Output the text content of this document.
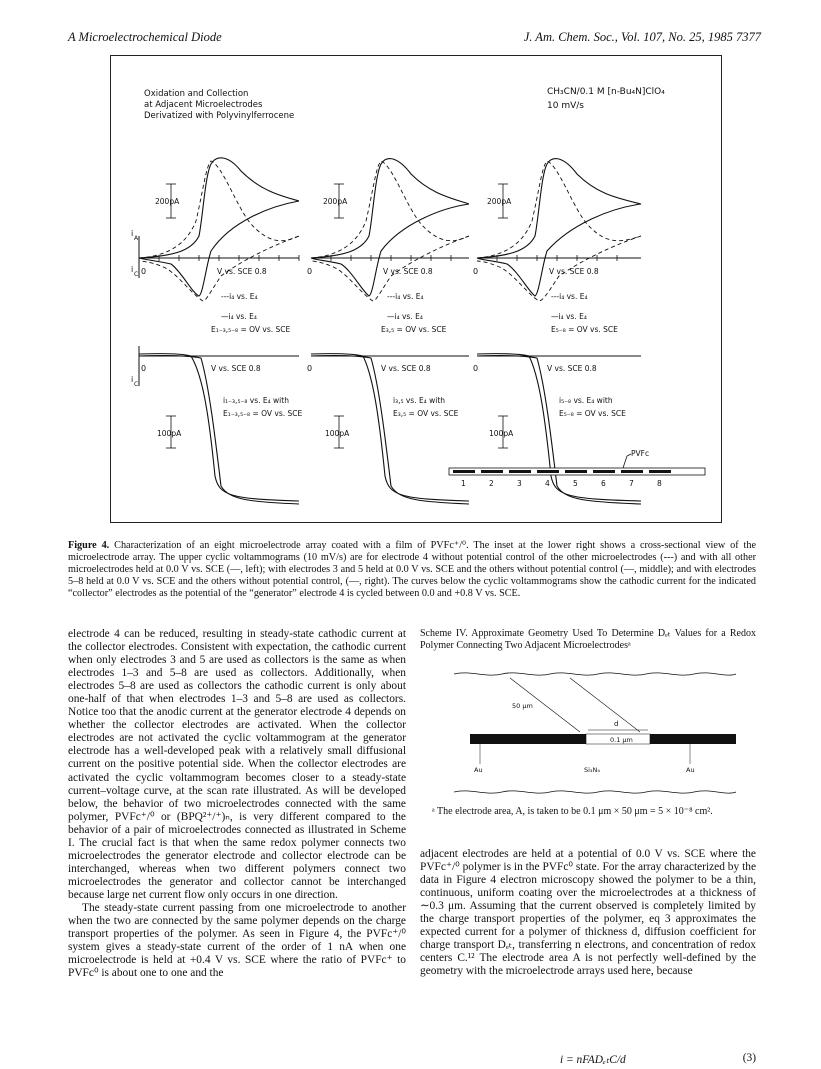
A Microelectrochemical Diode	J. Am. Chem. Soc., Vol. 107, No. 25, 1985 7377
Oxidation and Collection
at Adjacent Microelectrodes
Derivatized with Polyvinylferrocene
CH₃CN/0.1 M [n-Bu₄N]ClO₄
10 mV/s
i
A
i
C
i
C
200pA
0	V vs. SCE 0.8
---i₄ vs. E₄
—i₄ vs. E₄
E₁₋₃,₅₋₈ = OV vs. SCE
0	V vs. SCE 0.8
i₁₋₃,₅₋₈ vs. E₄ with
E₁₋₃,₅₋₈ = OV vs. SCE
100pA
200pA
0	V vs. SCE 0.8
---i₄ vs. E₄
—i₄ vs. E₄
E₃,₅ = OV vs. SCE
0	V vs. SCE 0.8
i₃,₅ vs. E₄ with
E₃,₅ = OV vs. SCE
100pA
200pA
0	V vs. SCE 0.8
---i₄ vs. E₄
—i₄ vs. E₄
E₅₋₈ = OV vs. SCE
0	V vs. SCE 0.8
i₅₋₈ vs. E₄ with
E₅₋₈ = OV vs. SCE
100pA
PVFc
1	2	3	4	5	6	7	8
Figure 4. Characterization of an eight microelectrode array coated with a film of PVFc⁺/⁰. The inset at the lower right shows a cross-sectional view of the microelectrode array. The upper cyclic voltammograms (10 mV/s) are for electrode 4 without potential control of the other microelectrodes (---) and with all other microelectrodes held at 0.0 V vs. SCE (—, left); with electrodes 3 and 5 held at 0.0 V vs. SCE and the others without potential control (—, middle); and with electrodes 5–8 held at 0.0 V vs. SCE and the others without potential control, (—, right). The curves below the cyclic voltammograms show the cathodic current for the indicated “collector” electrodes as the potential of the “generator” electrode 4 is cycled between 0.0 and +0.8 V vs. SCE.

electrode 4 can be reduced, resulting in steady-state cathodic current at the collector electrodes. Consistent with expectation, the cathodic current when only electrodes 3 and 5 are used as collectors is the same as when electrodes 1–3 and 5–8 are used as collectors. Additionally, when electrodes 5–8 are used as collectors the cathodic current is only about one-half of that when electrodes 1–3 and 5–8 are used as collectors. Notice too that the anodic current at the generator electrode 4 depends on whether the collector electrodes are activated. When the collector electrodes are not activated the cyclic voltammogram at the generator electrode has a well-developed peak with a relatively small diffusional current on the positive potential side. When the collector electrodes are activated the cyclic voltammogram becomes closer to a steady-state current–voltage curve, at the scan rate illustrated. As will be developed below, the behavior of two microelectrodes connected with the same polymer, PVFc⁺/⁰ or (BPQ²⁺/⁺)ₙ, is very different compared to the behavior of a pair of microelectrodes connected as illustrated in Scheme I. The crucial fact is that when the same redox polymer connects two microelectrodes the generator electrode and collector electrode can be interchanged, whereas when two different polymers connect two microelectrodes the generator and collector cannot be interchanged because large net current flow only occurs in one direction.

The steady-state current passing from one microelectrode to another when the two are connected by the same polymer depends on the charge transport properties of the polymer. As seen in Figure 4, the PVFc⁺/⁰ system gives a steady-state current of the order of 1 nA when one microelectrode is held at +0.4 V vs. SCE where the ratio of PVFc⁺ to PVFc⁰ is about one to one and the

Scheme IV. Approximate Geometry Used To Determine Dₑₜ Values for a Redox Polymer Connecting Two Adjacent Microelectrodesᵃ

d
50 μm
0.1 μm
Au	Au
Si₃N₄
ᵃ The electrode area, A, is taken to be 0.1 μm × 50 μm = 5 × 10⁻⁸ cm².

adjacent electrodes are held at a potential of 0.0 V vs. SCE where the PVFc⁺/⁰ polymer is in the PVFc⁰ state. For the array characterized by the data in Figure 4 electron microscopy showed the polymer to be a thin, continuous, uniform coating over the microelectrodes at a thickness of ∼0.3 μm. Assuming that the current observed is completely limited by the charge transport properties of the polymer, eq 3 approximates the expected current for a polymer of thickness d, diffusion coefficient for charge transport Dₑₜ, transferring n electrons, and concentration of redox centers C.¹² The electrode area A is not perfectly well-defined by the geometry with the microelectrode arrays used here, because

i = nFADₑₜC/d	(3)
